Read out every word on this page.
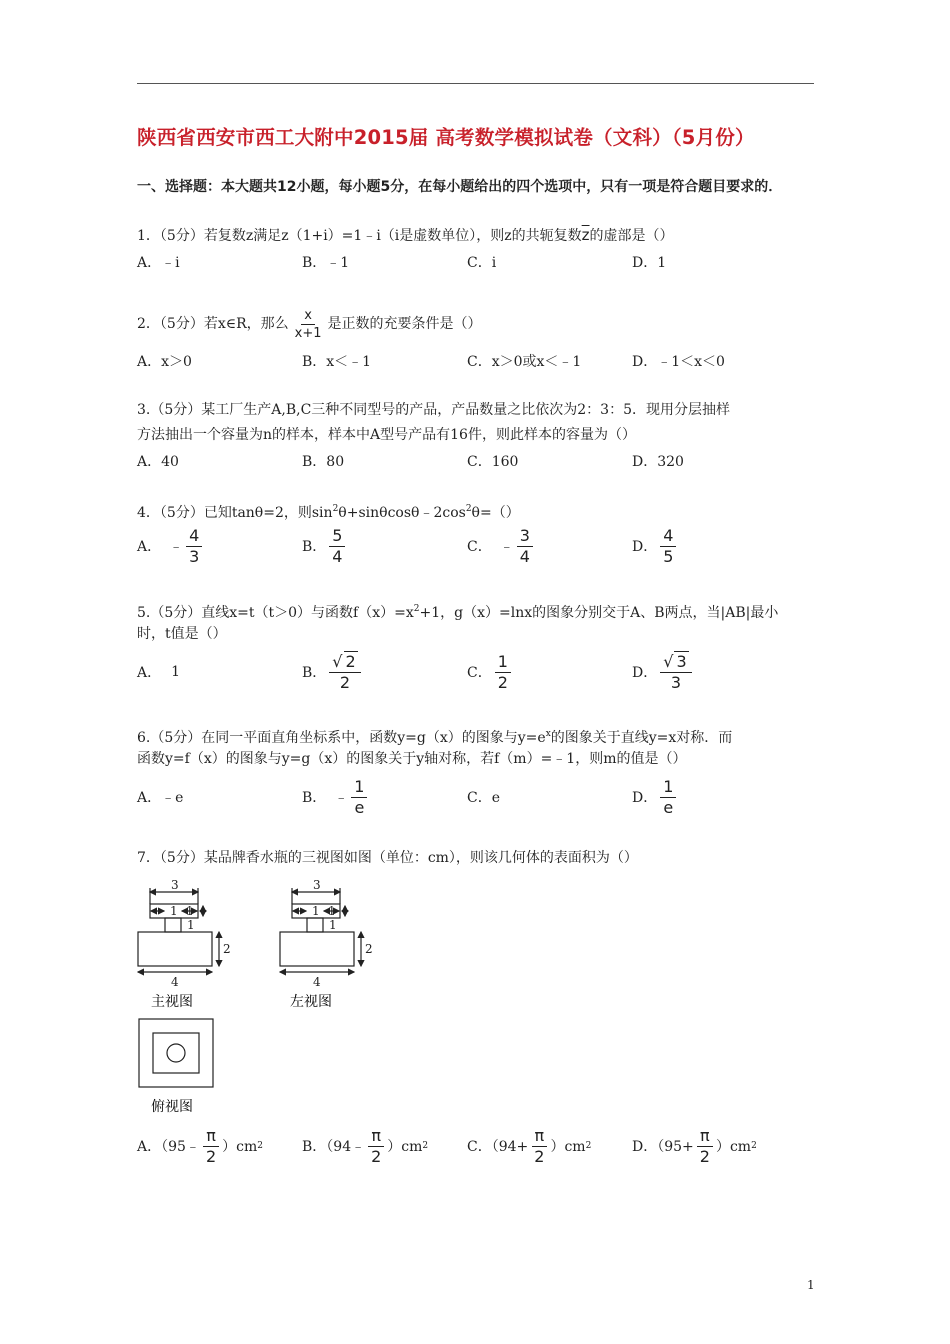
陕西省西安市西工大附中2015届 高考数学模拟试卷（文科）（5月份）
一、选择题：本大题共12小题，每小题5分，在每小题给出的四个选项中，只有一项是符合题目要求的．
1．（5分）若复数z满足z（1+i）=1﹣i（i是虚数单位），则z的共轭复数$\overline{z}$的虚部是（）
A．﹣i	B．﹣1	C．i	D．1
2．（5分）若x∈R，那么 $\frac{x}{x+1}$ 是正数的充要条件是（）
A．x＞0	B．x＜﹣1	C．x＞0或x＜﹣1	D．﹣1＜x＜0
3.（5分）某工厂生产A,B,C三种不同型号的产品，产品数量之比依次为2：3：5．现用分层抽样
方法抽出一个容量为n的样本，样本中A型号产品有16件，则此样本的容量为（）
A．40	B．80	C．160	D．320
4．（5分）已知tanθ=2，则$\sin^2\theta+\sin\theta\cos\theta﹣2\cos^2\theta=()$
A． ﹣ $\frac{4}{3}$	B． $\frac{5}{4}$	C． ﹣ $\frac{3}{4}$	D． $\frac{4}{5}$
5.（5分）直线x=t（t＞0）与函数$f(x)=x^2+1$，g（x）=lnx的图象分别交于A、B两点，当|AB|最小
时，t值是（）
A． 1	B． $\frac{√ 2}{2}$	C． $\frac{1}{2}$	D． $\frac{√ 3}{3}$
6.（5分）在同一平面直角坐标系中，函数y=g（x）的图象与$y=e^x$的图象关于直线y=x对称．而
函数y=f（x）的图象与y=g（x）的图象关于y轴对称，若f（m）=﹣1，则m的值是（）
A．﹣e	B． ﹣ $\frac{1}{e}$	C．e	D． $\frac{1}{e}$
7．（5分）某品牌香水瓶的三视图如图（单位：cm），则该几何体的表面积为（）
3
1 1
1
2
4
主视图
3
1 1
1
2
4
左视图
俯视图
A．（95﹣ $\frac{\pi}{2} )cm$ 2	B．（94﹣ $\frac{\pi}{2} )cm$ 2	C．$(94+ \frac{\pi}{2} )cm$ 2	D．$(95+ \frac{\pi}{2} )cm$ 2
1
